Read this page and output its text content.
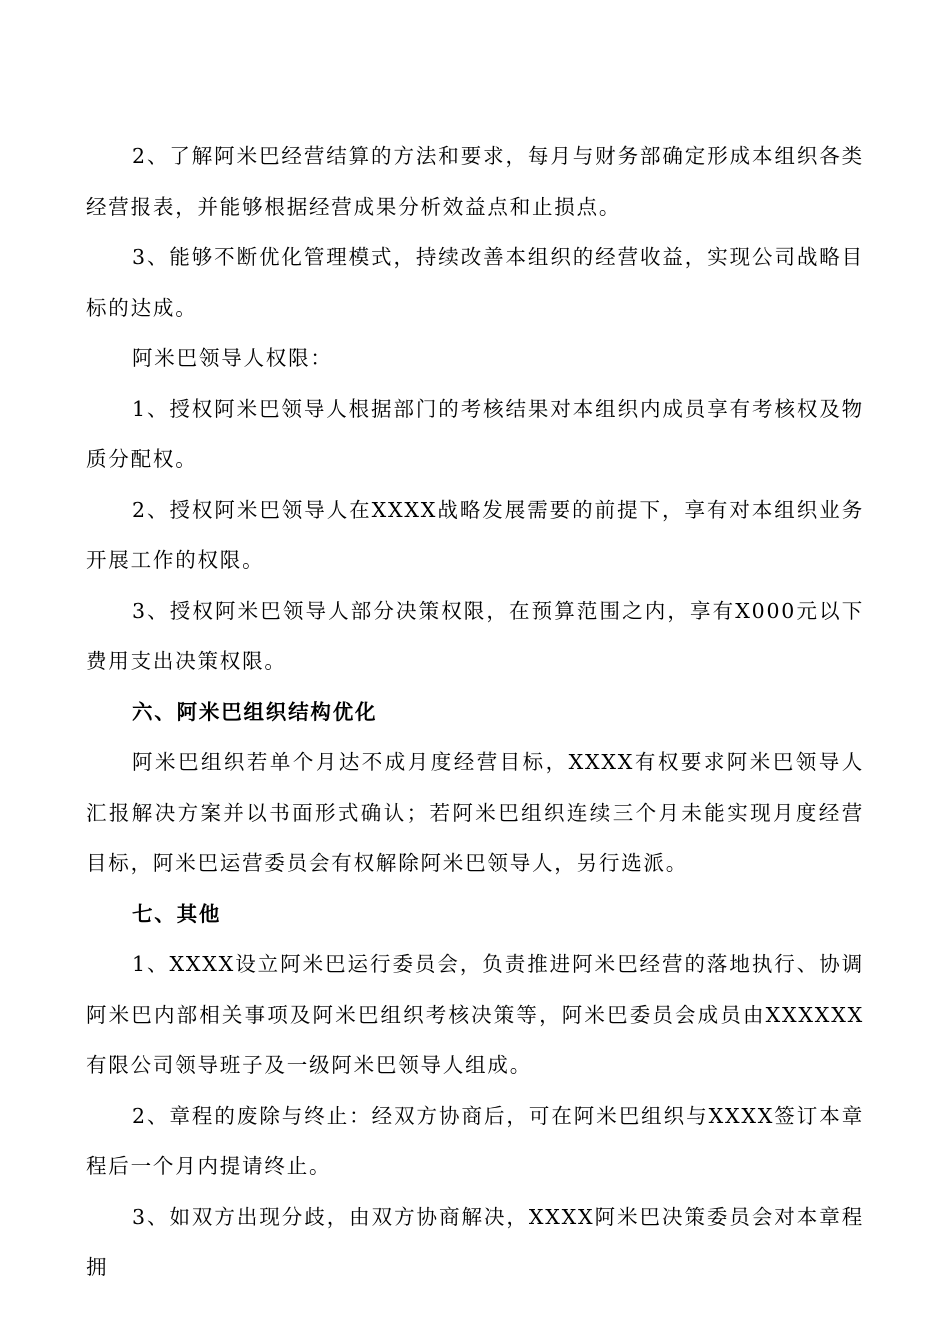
2、了解阿米巴经营结算的方法和要求，每月与财务部确定形成本组织各类经营报表，并能够根据经营成果分析效益点和止损点。

3、能够不断优化管理模式，持续改善本组织的经营收益，实现公司战略目标的达成。

阿米巴领导人权限：

1、授权阿米巴领导人根据部门的考核结果对本组织内成员享有考核权及物质分配权。

2、授权阿米巴领导人在XXXX战略发展需要的前提下，享有对本组织业务开展工作的权限。

3、授权阿米巴领导人部分决策权限，在预算范围之内，享有X000元以下费用支出决策权限。

六、阿米巴组织结构优化

阿米巴组织若单个月达不成月度经营目标，XXXX有权要求阿米巴领导人汇报解决方案并以书面形式确认；若阿米巴组织连续三个月未能实现月度经营目标，阿米巴运营委员会有权解除阿米巴领导人，另行选派。

七、其他

1、XXXX设立阿米巴运行委员会，负责推进阿米巴经营的落地执行、协调阿米巴内部相关事项及阿米巴组织考核决策等，阿米巴委员会成员由XXXXXX有限公司领导班子及一级阿米巴领导人组成。

2、章程的废除与终止：经双方协商后，可在阿米巴组织与XXXX签订本章程后一个月内提请终止。

3、如双方出现分歧，由双方协商解决，XXXX阿米巴决策委员会对本章程拥
